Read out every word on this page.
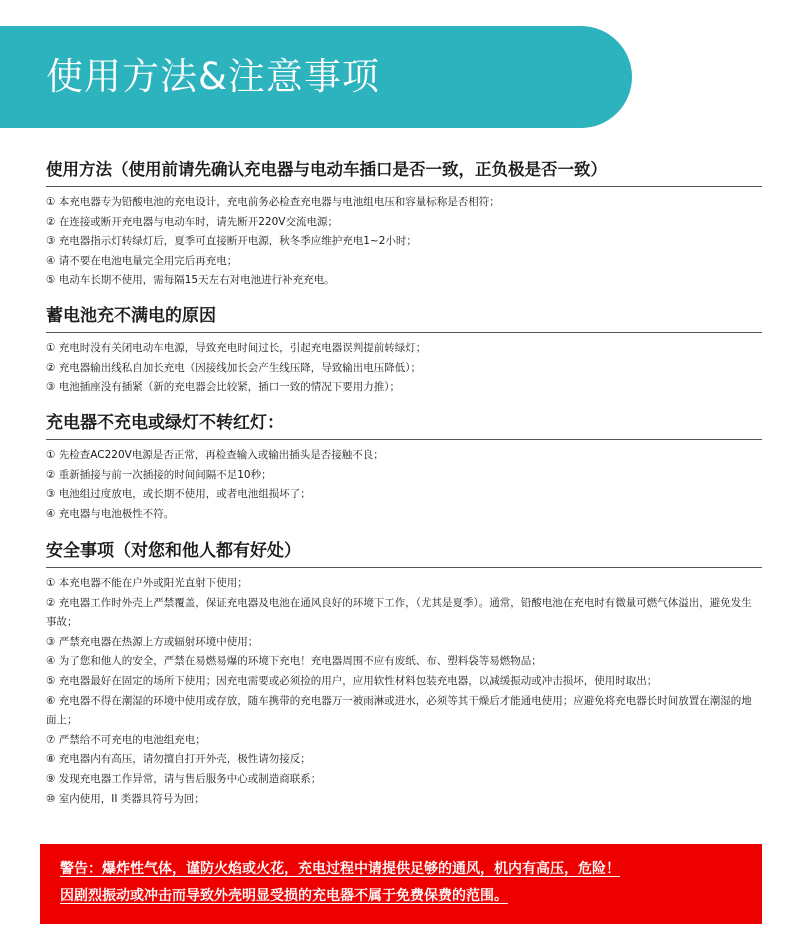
使用方法&注意事项
使用方法（使用前请先确认充电器与电动车插口是否一致，正负极是否一致）
① 本充电器专为铅酸电池的充电设计，充电前务必检查充电器与电池组电压和容量标称是否相符；
② 在连接或断开充电器与电动车时，请先断开220V交流电源；
③ 充电器指示灯转绿灯后，夏季可直接断开电源，秋冬季应维护充电1~2小时；
④ 请不要在电池电量完全用完后再充电；
⑤ 电动车长期不使用，需每隔15天左右对电池进行补充充电。
蓄电池充不满电的原因
① 充电时没有关闭电动车电源，导致充电时间过长，引起充电器误判提前转绿灯；
② 充电器输出线私自加长充电（因接线加长会产生线压降，导致输出电压降低）；
③ 电池插座没有插紧（新的充电器会比较紧，插口一致的情况下要用力推）；
充电器不充电或绿灯不转红灯：
① 先检查AC220V电源是否正常，再检查输入或输出插头是否接触不良；
② 重新插接与前一次插接的时间间隔不足10秒；
③ 电池组过度放电，或长期不使用，或者电池组损坏了；
④ 充电器与电池极性不符。
安全事项（对您和他人都有好处）
① 本充电器不能在户外或阳光直射下使用；
② 充电器工作时外壳上严禁覆盖，保证充电器及电池在通风良好的环境下工作，（尤其是夏季）。通常，铅酸电池在充电时有微量可燃气体溢出，避免发生事故；
③ 严禁充电器在热源上方或辐射环境中使用；
④ 为了您和他人的安全，严禁在易燃易爆的环境下充电！充电器周围不应有废纸、布、塑料袋等易燃物品；
⑤ 充电器最好在固定的场所下使用；因充电需要或必须捡的用户，应用软性材料包装充电器，以减缓振动或冲击损坏，使用时取出；
⑥ 充电器不得在潮湿的环境中使用或存放，随车携带的充电器万一被雨淋或进水，必须等其干燥后才能通电使用；应避免将充电器长时间放置在潮湿的地面上；
⑦ 严禁给不可充电的电池组充电；
⑧ 充电器内有高压，请勿擅自打开外壳，极性请勿接反；
⑨ 发现充电器工作异常，请与售后服务中心或制造商联系；
⑩ 室内使用，II 类器具符号为回；

警告：爆炸性气体，谨防火焰或火花，充电过程中请提供足够的通风，机内有高压，危险！

因剧烈振动或冲击而导致外壳明显受损的充电器不属于免费保费的范围。
